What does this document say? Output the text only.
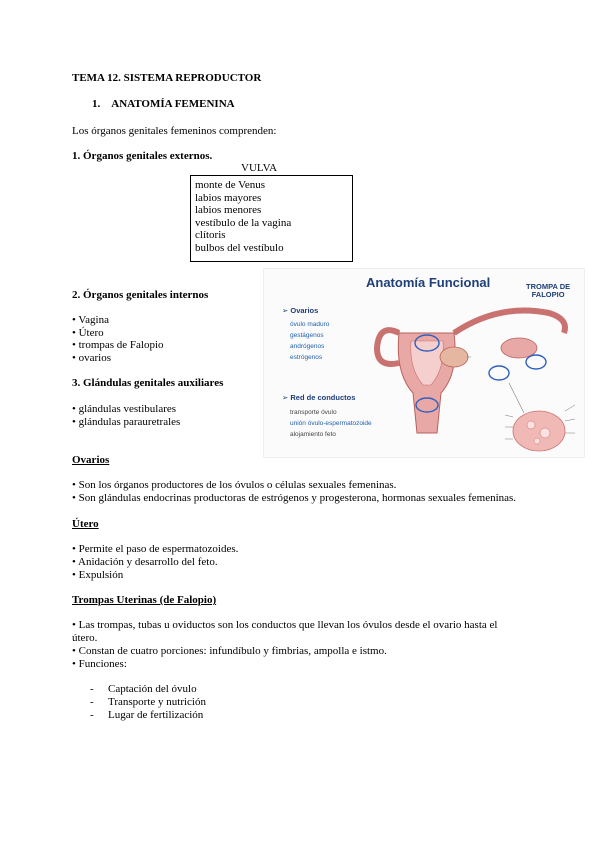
TEMA 12. SISTEMA REPRODUCTOR
1.    ANATOMÍA FEMENINA
Los órganos genitales femeninos comprenden:
1. Órganos genitales externos.
VULVA
monte de Venus
labios mayores
labios menores
vestíbulo de la vagina
clítoris
bulbos del vestíbulo
2. Órganos genitales internos
• Vagina
• Útero
• trompas de Falopio
• ovarios
3. Glándulas genitales auxiliares
• glándulas vestibulares
• glándulas parauretrales
Anatomía Funcional	TROMPA DE
FALOPIO
➢ Ovarios
óvulo maduro
gestágenos
andrógenos
estrógenos
➢ Red de conductos
transporte óvulo
unión óvulo-espermatozoide
alojamiento feto
Ovarios
• Son los órganos productores de los óvulos o células sexuales femeninas.
• Son glándulas endocrinas productoras de estrógenos y progesterona, hormonas sexuales femeninas.
Útero
• Permite el paso de espermatozoides.
• Anidación y desarrollo del feto.
• Expulsión
Trompas Uterinas (de Falopio)
• Las trompas, tubas u oviductos son los conductos que llevan los óvulos desde el ovario hasta el
útero.
• Constan de cuatro porciones: infundíbulo y fimbrias, ampolla e istmo.
• Funciones:
- Captación del óvulo
- Transporte y nutrición
- Lugar de fertilización
